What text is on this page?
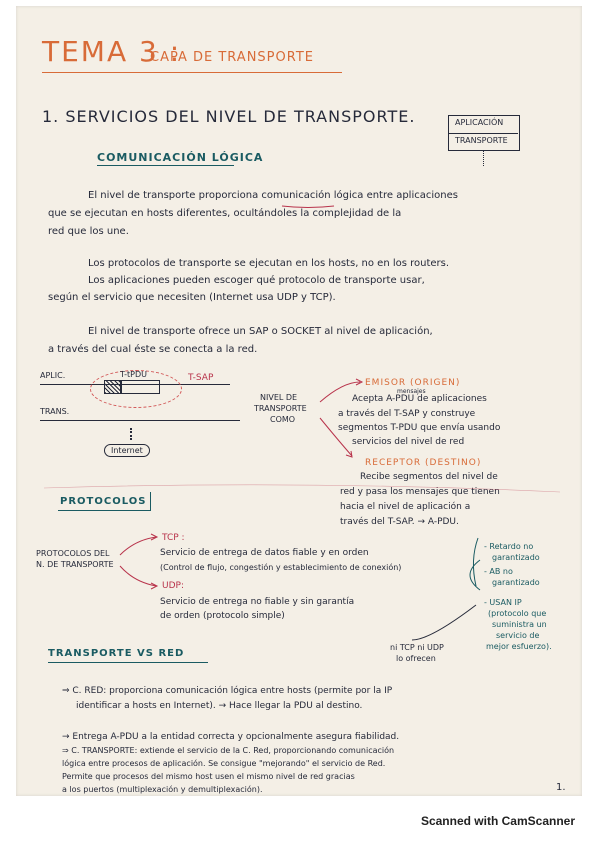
TEMA 3 :
CAPA DE TRANSPORTE
1. SERVICIOS DEL NIVEL DE TRANSPORTE.	APLICACIÓN
TRANSPORTE
COMUNICACIÓN LÓGICA
El nivel de transporte proporciona comunicación lógica entre aplicaciones
que se ejecutan en hosts diferentes, ocultándoles la complejidad de la
red que los une.
Los protocolos de transporte se ejecutan en los hosts, no en los routers.
Los aplicaciones pueden escoger qué protocolo de transporte usar,
según el servicio que necesiten (Internet usa UDP y TCP).
El nivel de transporte ofrece un SAP o SOCKET al nivel de aplicación,
a través del cual éste se conecta a la red.
APLIC.	T-tPDU	T-SAP
TRANS.
Internet
NIVEL DE
TRANSPORTE
COMO
EMISOR (ORIGEN)
mensajes
Acepta A-PDU de aplicaciones
a través del T-SAP y construye
segmentos T-PDU que envía usando
servicios del nivel de red
RECEPTOR (DESTINO)
Recibe segmentos del nivel de
red y pasa los mensajes que tienen
hacia el nivel de aplicación a
través del T-SAP. → A-PDU.
PROTOCOLOS
PROTOCOLOS DEL
N. DE TRANSPORTE
TCP :
Servicio de entrega de datos fiable y en orden
(Control de flujo, congestión y establecimiento de conexión)
UDP:
Servicio de entrega no fiable y sin garantía
de orden (protocolo simple)
- Retardo no
garantizado
- AB no
garantizado
- USAN IP
(protocolo que
suministra un
servicio de
mejor esfuerzo).
ni TCP ni UDP
lo ofrecen
TRANSPORTE VS RED
⇒ C. RED: proporciona comunicación lógica entre hosts (permite por la IP
identificar a hosts en Internet). → Hace llegar la PDU al destino.
→ Entrega A-PDU a la entidad correcta y opcionalmente asegura fiabilidad.
⇒ C. TRANSPORTE: extiende el servicio de la C. Red, proporcionando comunicación
lógica entre procesos de aplicación. Se consigue "mejorando" el servicio de Red.
Permite que procesos del mismo host usen el mismo nivel de red gracias
a los puertos (multiplexación y demultiplexación).	1.
Scanned with CamScanner
